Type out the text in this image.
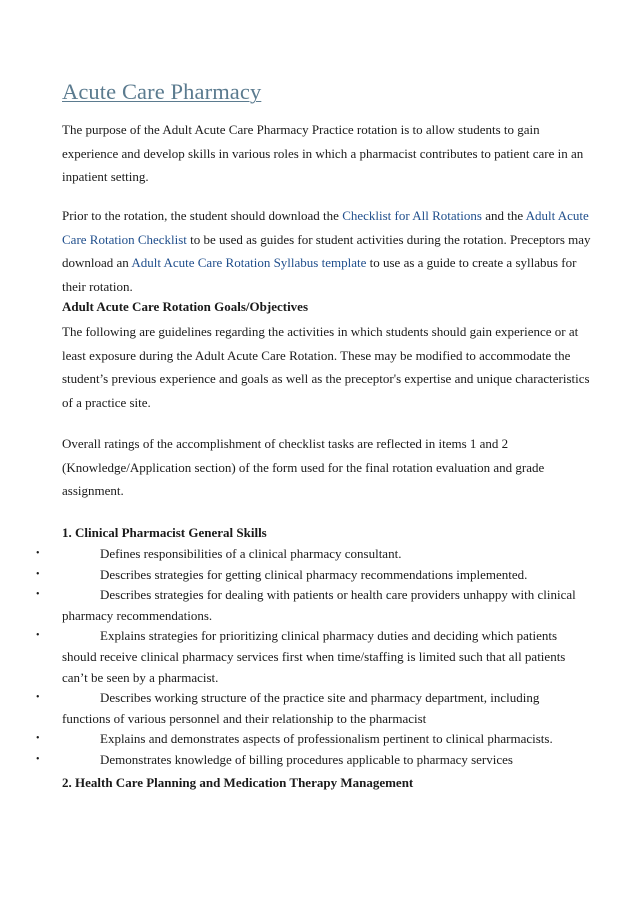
Acute Care Pharmacy

The purpose of the Adult Acute Care Pharmacy Practice rotation is to allow students to gain experience and develop skills in various roles in which a pharmacist contributes to patient care in an inpatient setting.

Prior to the rotation, the student should download the Checklist for All Rotations and the Adult Acute Care Rotation Checklist to be used as guides for student activities during the rotation. Preceptors may download an Adult Acute Care Rotation Syllabus template to use as a guide to create a syllabus for their rotation.

Adult Acute Care Rotation Goals/Objectives

The following are guidelines regarding the activities in which students should gain experience or at least exposure during the Adult Acute Care Rotation. These may be modified to accommodate the student’s previous experience and goals as well as the preceptor's expertise and unique characteristics of a practice site.

Overall ratings of the accomplishment of checklist tasks are reflected in items 1 and 2 (Knowledge/Application section) of the form used for the final rotation evaluation and grade assignment.

1. Clinical Pharmacist General Skills
•	Defines responsibilities of a clinical pharmacy consultant.
•	Describes strategies for getting clinical pharmacy recommendations implemented.
•	Describes strategies for dealing with patients or health care providers unhappy with clinical pharmacy recommendations.
•	Explains strategies for prioritizing clinical pharmacy duties and deciding which patients should receive clinical pharmacy services first when time/staffing is limited such that all patients can’t be seen by a pharmacist.
•	Describes working structure of the practice site and pharmacy department, including functions of various personnel and their relationship to the pharmacist
•	Explains and demonstrates aspects of professionalism pertinent to clinical pharmacists.
•	Demonstrates knowledge of billing procedures applicable to pharmacy services
2. Health Care Planning and Medication Therapy Management
